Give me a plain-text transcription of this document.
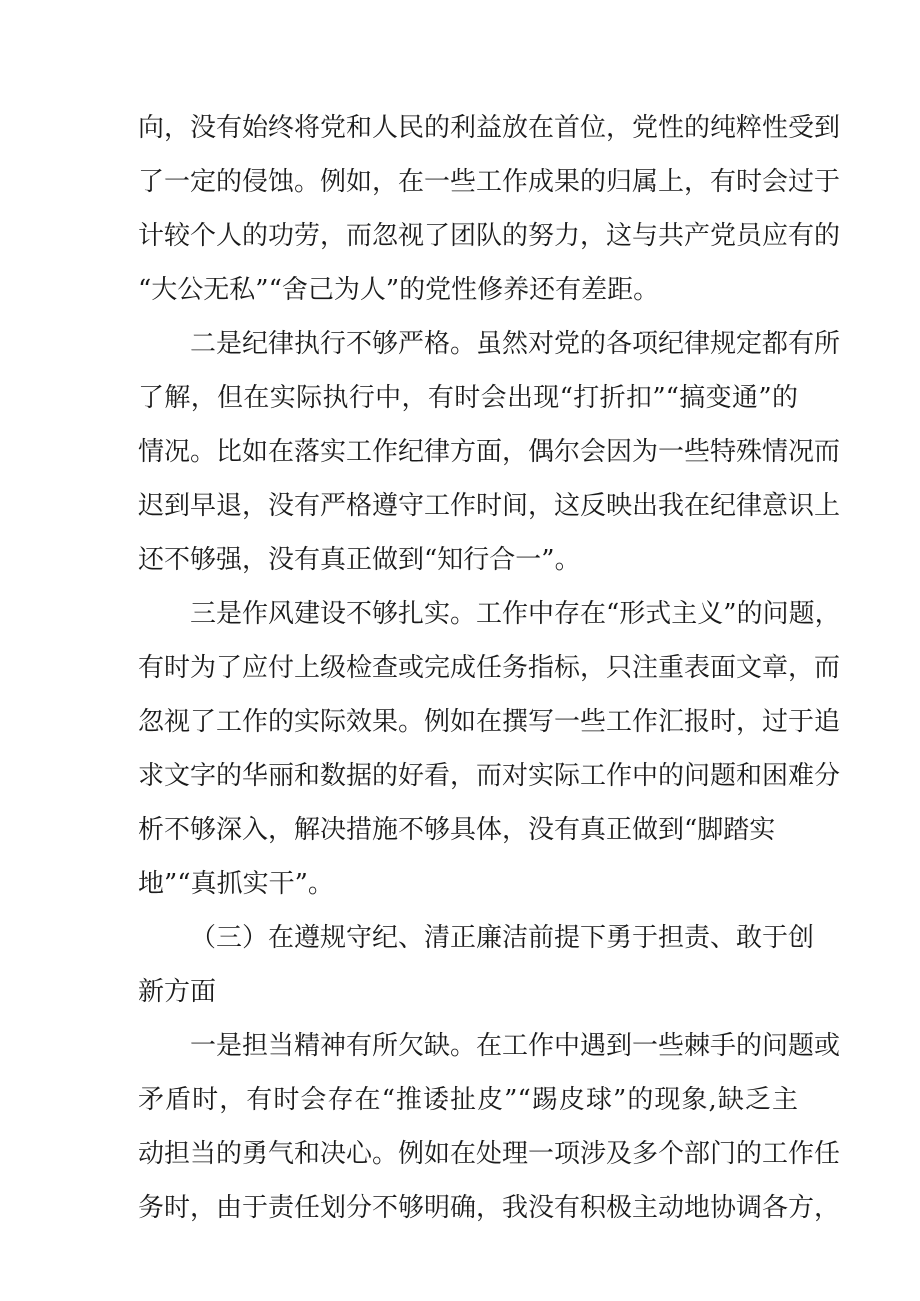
向，没有始终将党和人民的利益放在首位，党性的纯粹性受到
了一定的侵蚀。例如，在一些工作成果的归属上，有时会过于
计较个人的功劳，而忽视了团队的努力，这与共产党员应有的
“大公无私”“舍己为人”的党性修养还有差距。
二是纪律执行不够严格。虽然对党的各项纪律规定都有所
了解，但在实际执行中，有时会出现“打折扣”“搞变通”的
情况。比如在落实工作纪律方面，偶尔会因为一些特殊情况而
迟到早退，没有严格遵守工作时间，这反映出我在纪律意识上
还不够强，没有真正做到“知行合一”。
三是作风建设不够扎实。工作中存在“形式主义”的问题，
有时为了应付上级检查或完成任务指标，只注重表面文章，而
忽视了工作的实际效果。例如在撰写一些工作汇报时，过于追
求文字的华丽和数据的好看，而对实际工作中的问题和困难分
析不够深入，解决措施不够具体，没有真正做到“脚踏实
地”“真抓实干”。
（三）在遵规守纪、清正廉洁前提下勇于担责、敢于创
新方面
一是担当精神有所欠缺。在工作中遇到一些棘手的问题或
矛盾时，有时会存在“推诿扯皮”“踢皮球”的现象,缺乏主
动担当的勇气和决心。例如在处理一项涉及多个部门的工作任
务时，由于责任划分不够明确，我没有积极主动地协调各方，
